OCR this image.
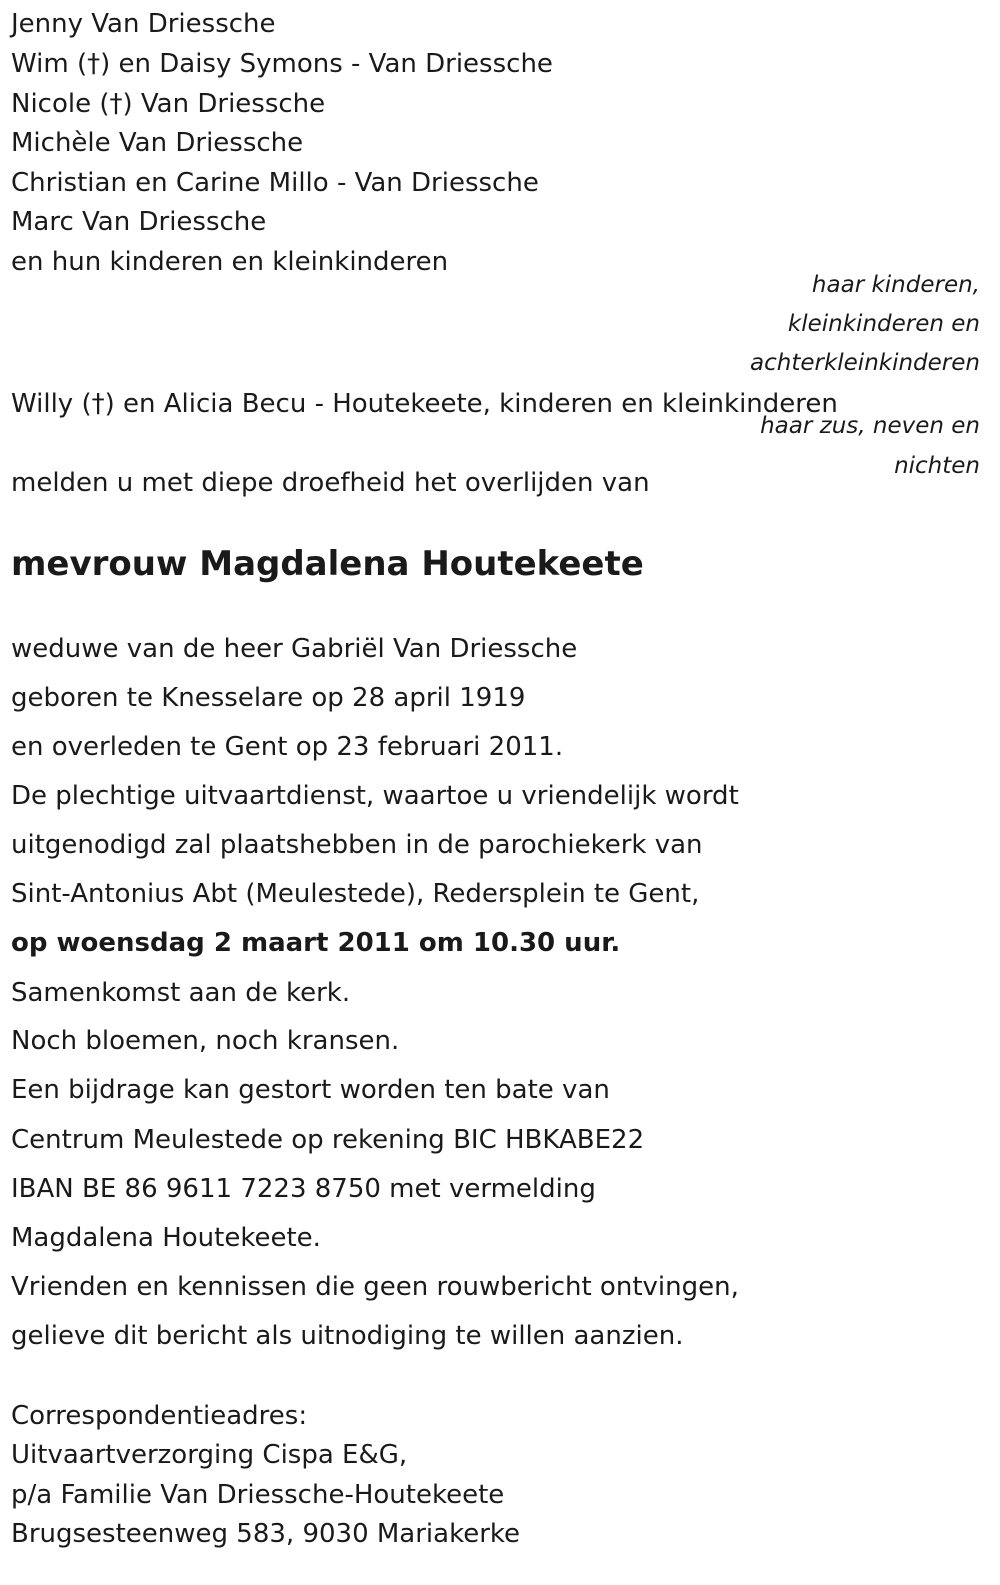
Jenny Van Driessche
Wim (†) en Daisy Symons - Van Driessche
Nicole (†) Van Driessche
Michèle Van Driessche
Christian en Carine Millo - Van Driessche
Marc Van Driessche
en hun kinderen en kleinkinderen
haar kinderen,
kleinkinderen en
achterkleinkinderen
Willy (†) en Alicia Becu - Houtekeete, kinderen en kleinkinderen
haar zus, neven en
nichten
melden u met diepe droefheid het overlijden van
mevrouw Magdalena Houtekeete
weduwe van de heer Gabriël Van Driessche
geboren te Knesselare op 28 april 1919
en overleden te Gent op 23 februari 2011.
De plechtige uitvaartdienst, waartoe u vriendelijk wordt
uitgenodigd zal plaatshebben in de parochiekerk van
Sint-Antonius Abt (Meulestede), Redersplein te Gent,
op woensdag 2 maart 2011 om 10.30 uur.
Samenkomst aan de kerk.
Noch bloemen, noch kransen.
Een bijdrage kan gestort worden ten bate van
Centrum Meulestede op rekening BIC HBKABE22
IBAN BE 86 9611 7223 8750 met vermelding
Magdalena Houtekeete.
Vrienden en kennissen die geen rouwbericht ontvingen,
gelieve dit bericht als uitnodiging te willen aanzien.
Correspondentieadres:
Uitvaartverzorging Cispa E&G,
p/a Familie Van Driessche-Houtekeete
Brugsesteenweg 583, 9030 Mariakerke
